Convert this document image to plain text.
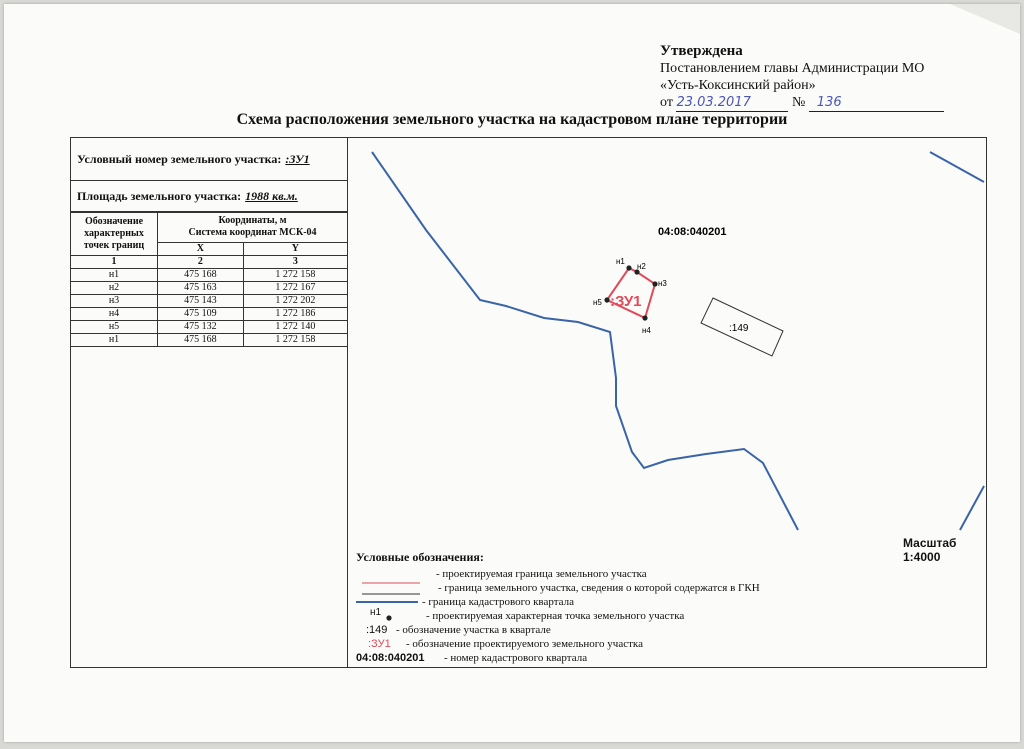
Утверждена
Постановлением главы Администрации МО
«Усть-Коксинский район»
от 23.03.2017	№ 136
Схема расположения земельного участка на кадастровом плане территории
Условный номер земельного участка: :ЗУ1
Площадь земельного участка: 1988 кв.м.
Обозначение характерных точек границ	Координаты, м
Система координат МСК-04	

	X	Y
1	2	3
н1	475 168	1 272 158
н2	475 163	1 272 167
н3	475 143	1 272 202
н4	475 109	1 272 186
н5	475 132	1 272 140
н1	475 168	1 272 158
:149
04:08:040201
:ЗУ1
н1
н2
н3
н4
н5
Масштаб 1:4000
Условные обозначения:
- проектируемая граница земельного участка
- граница земельного участка, сведения о которой содержатся в ГКН
- граница кадастрового квартала
н1	- проектируемая характерная точка земельного участка
:149 - обозначение участка в квартале
:ЗУ1 - обозначение проектируемого земельного участка
04:08:040201 - номер кадастрового квартала
